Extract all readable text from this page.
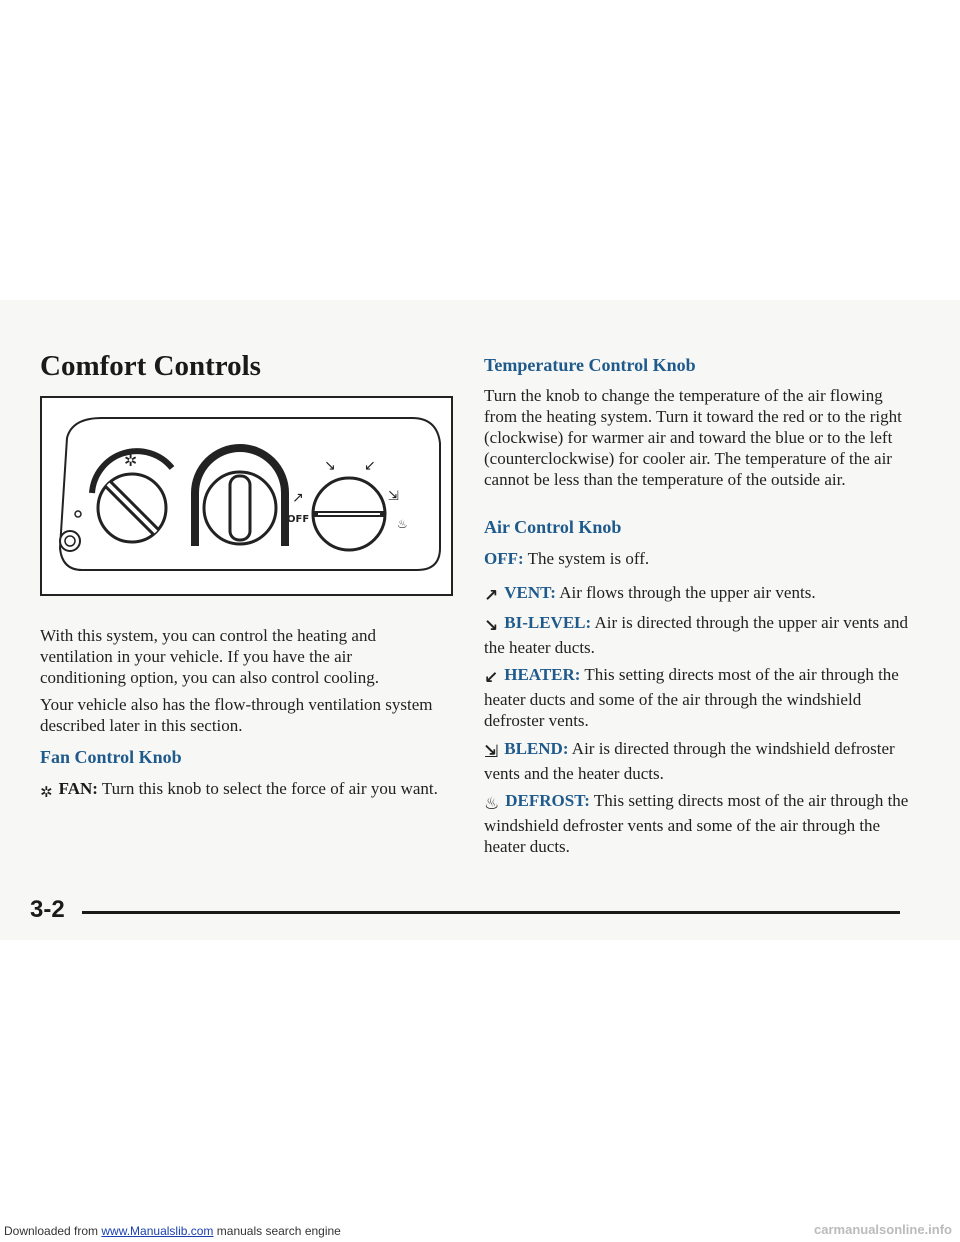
Comfort Controls
✲
OFF
↗
↘ ↙
⇲
♨

With this system, you can control the heating and ventilation in your vehicle. If you have the air conditioning option, you can also control cooling.

Your vehicle also has the flow-through ventilation system described later in this section.

Fan Control Knob

✲ FAN: Turn this knob to select the force of air you want.

Temperature Control Knob

Turn the knob to change the temperature of the air flowing from the heating system. Turn it toward the red or to the right (clockwise) for warmer air and toward the blue or to the left (counterclockwise) for cooler air. The temperature of the air cannot be less than the temperature of the outside air.

Air Control Knob

OFF: The system is off.

↗ VENT: Air flows through the upper air vents.

↘ BI-LEVEL: Air is directed through the upper air vents and the heater ducts.

↙ HEATER: This setting directs most of the air through the heater ducts and some of the air through the windshield defroster vents.

⇲ BLEND: Air is directed through the windshield defroster vents and the heater ducts.

♨ DEFROST: This setting directs most of the air through the windshield defroster vents and some of the air through the heater ducts.

3-2
Downloaded from www.Manualslib.com manuals search engine	carmanualsonline.info
